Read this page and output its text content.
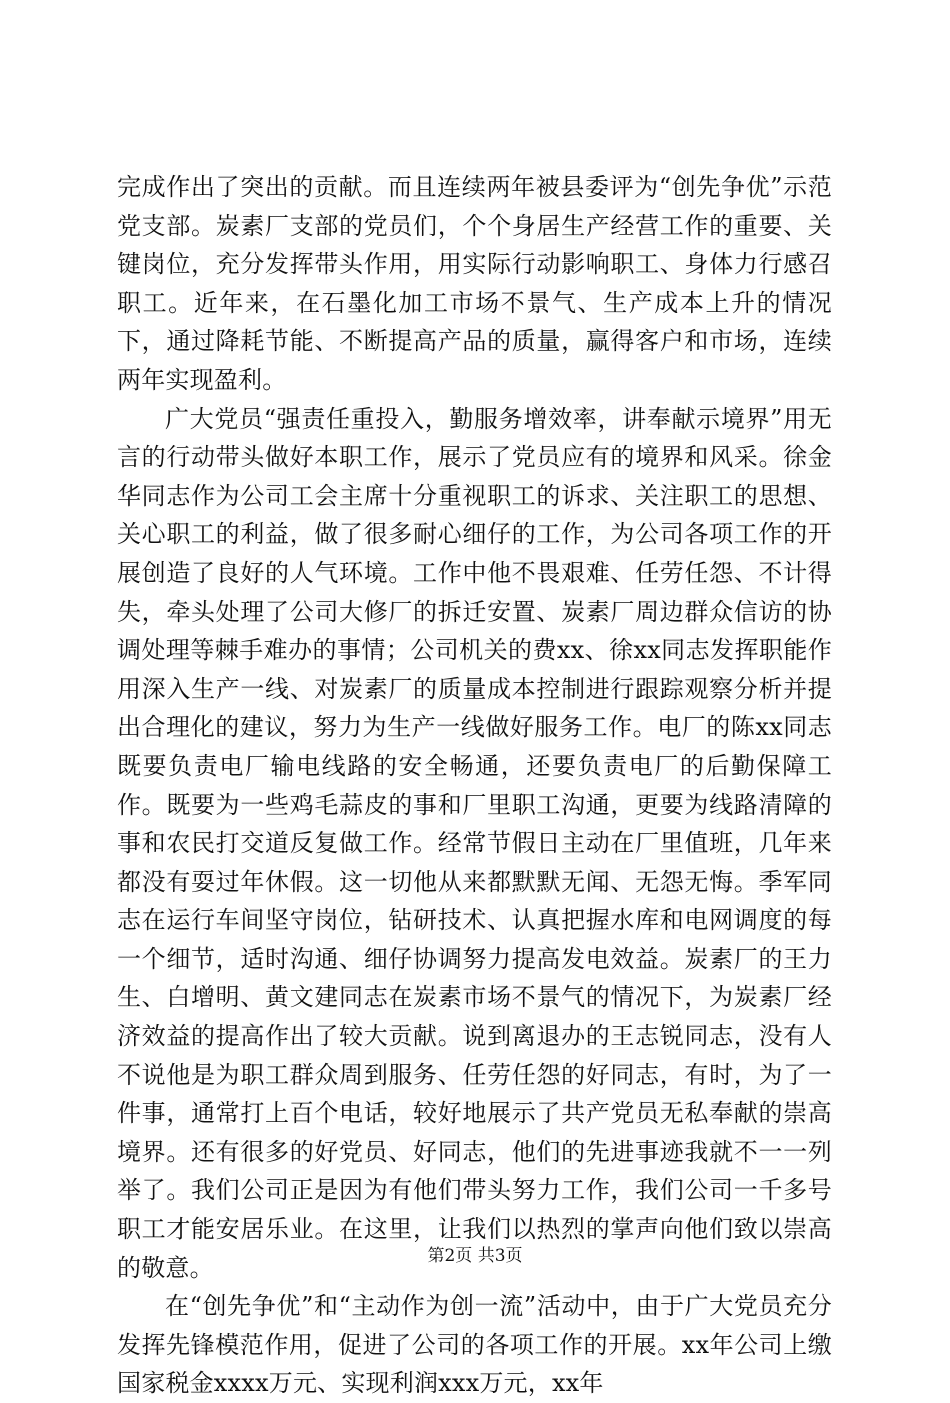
完成作出了突出的贡献。而且连续两年被县委评为“创先争优”示范党支部。炭素厂支部的党员们，个个身居生产经营工作的重要、关键岗位，充分发挥带头作用，用实际行动影响职工、身体力行感召职工。近年来，在石墨化加工市场不景气、生产成本上升的情况下，通过降耗节能、不断提高产品的质量，赢得客户和市场，连续两年实现盈利。

广大党员“强责任重投入，勤服务增效率，讲奉献示境界”用无言的行动带头做好本职工作，展示了党员应有的境界和风采。徐金华同志作为公司工会主席十分重视职工的诉求、关注职工的思想、关心职工的利益，做了很多耐心细仔的工作，为公司各项工作的开展创造了良好的人气环境。工作中他不畏艰难、任劳任怨、不计得失，牵头处理了公司大修厂的拆迁安置、炭素厂周边群众信访的协调处理等棘手难办的事情；公司机关的费xx、徐xx同志发挥职能作用深入生产一线、对炭素厂的质量成本控制进行跟踪观察分析并提出合理化的建议，努力为生产一线做好服务工作。电厂的陈xx同志既要负责电厂输电线路的安全畅通，还要负责电厂的后勤保障工作。既要为一些鸡毛蒜皮的事和厂里职工沟通，更要为线路清障的事和农民打交道反复做工作。经常节假日主动在厂里值班，几年来都没有耍过年休假。这一切他从来都默默无闻、无怨无悔。季军同志在运行车间坚守岗位，钻研技术、认真把握水库和电网调度的每一个细节，适时沟通、细仔协调努力提高发电效益。炭素厂的王力生、白增明、黄文建同志在炭素市场不景气的情况下，为炭素厂经济效益的提高作出了较大贡献。说到离退办的王志锐同志，没有人不说他是为职工群众周到服务、任劳任怨的好同志，有时，为了一件事，通常打上百个电话，较好地展示了共产党员无私奉献的崇高境界。还有很多的好党员、好同志，他们的先进事迹我就不一一列举了。我们公司正是因为有他们带头努力工作，我们公司一千多号职工才能安居乐业。在这里，让我们以热烈的掌声向他们致以崇高的敬意。

在“创先争优”和“主动作为创一流”活动中，由于广大党员充分发挥先锋模范作用，促进了公司的各项工作的开展。xx年公司上缴国家税金xxxx万元、实现利润xxx万元，xx年

第2页 共3页
